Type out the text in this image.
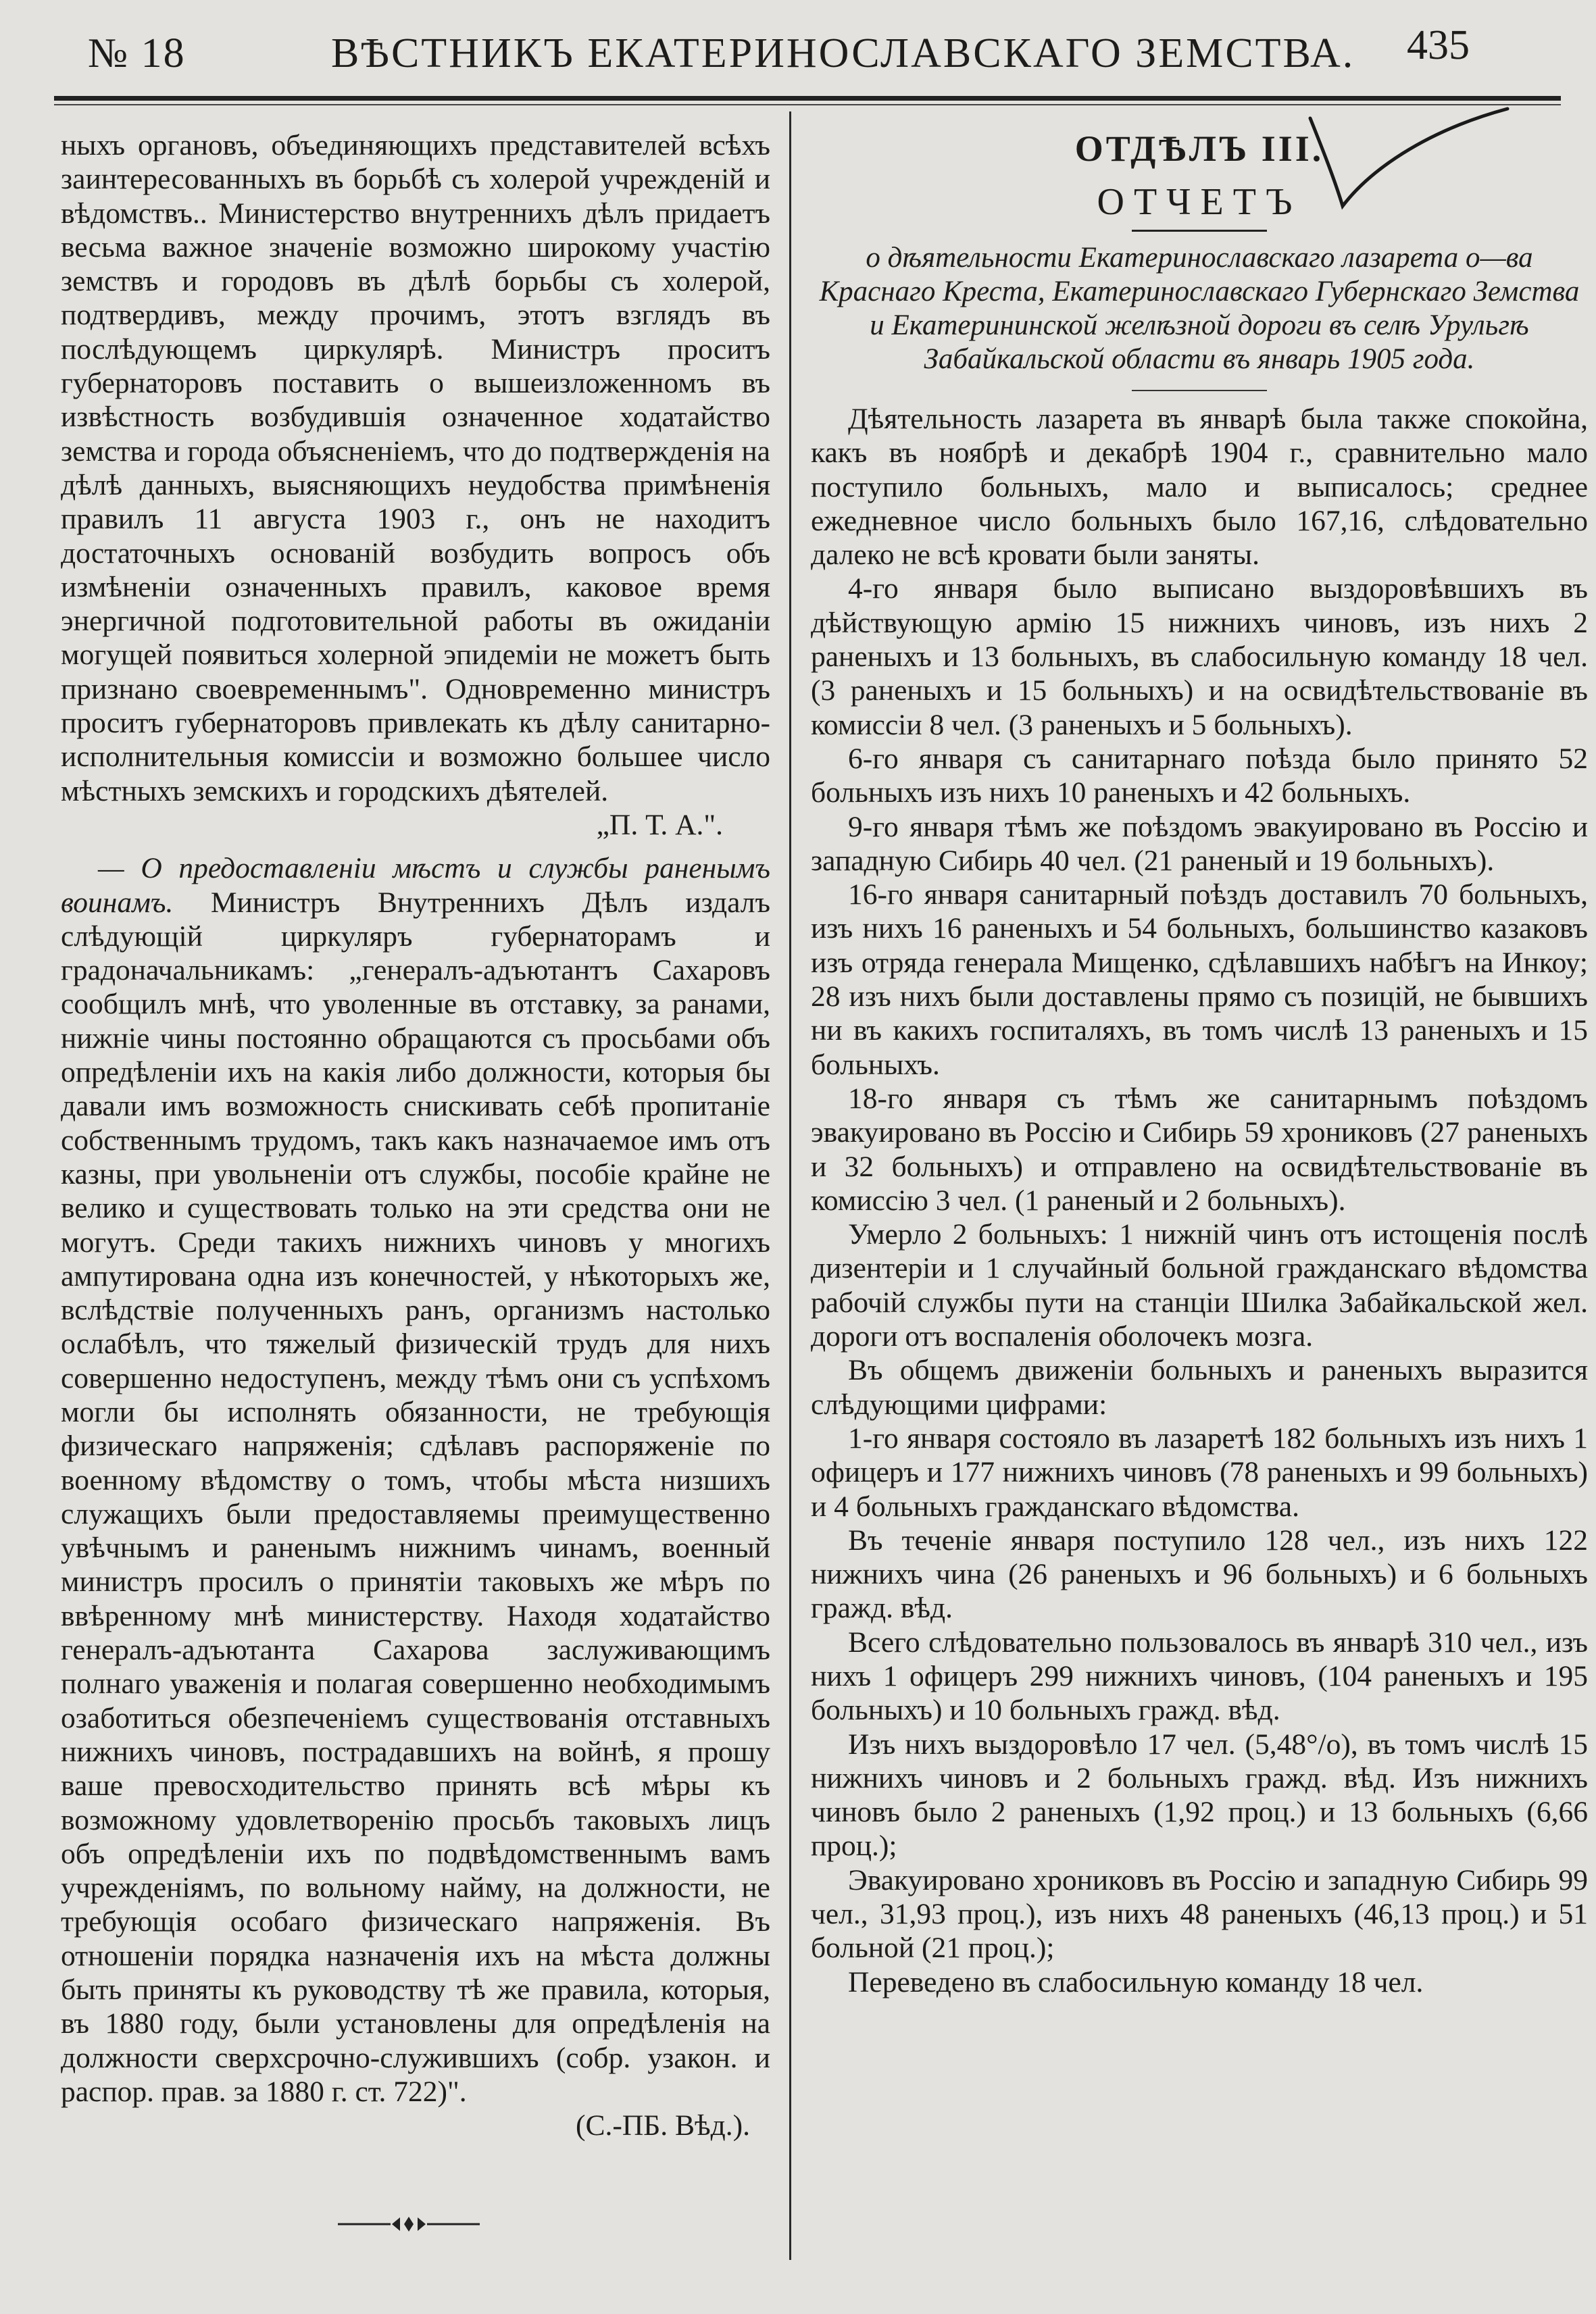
№ 18	ВѢСТНИКЪ ЕКАТЕРИНОСЛАВСКАГО ЗЕМСТВА. 435

ныхъ органовъ, объединяющихъ представителей всѣхъ заинтересованныхъ въ борьбѣ съ холерой учрежденій и вѣдомствъ.. Министерство внутреннихъ дѣлъ придаетъ весьма важное значеніе возможно широкому участію земствъ и городовъ въ дѣлѣ борьбы съ холерой, подтвердивъ, между прочимъ, этотъ взглядъ въ послѣдующемъ циркулярѣ. Министръ проситъ губернаторовъ поставить о вышеизложенномъ въ извѣстность возбудившія означенное ходатайство земства и города объясненіемъ, что до подтвержденія на дѣлѣ данныхъ, выясняющихъ неудобства примѣненія правилъ 11 августа 1903 г., онъ не находитъ достаточныхъ основаній возбудить вопросъ объ измѣненіи означенныхъ правилъ, каковое время энергичной подготовительной работы въ ожиданіи могущей появиться холерной эпидеміи не можетъ быть признано своевременнымъ". Одновременно министръ проситъ губернаторовъ привлекать къ дѣлу санитарно-исполнительныя комиссіи и возможно большее число мѣстныхъ земскихъ и городскихъ дѣятелей.

„П. Т. А.".

— О предоставленіи мѣстъ и службы раненымъ воинамъ. Министръ Внутреннихъ Дѣлъ издалъ слѣдующій циркуляръ губернаторамъ и градоначальникамъ: „генералъ-адъютантъ Сахаровъ сообщилъ мнѣ, что уволенные въ отставку, за ранами, нижніе чины постоянно обращаются съ просьбами объ опредѣленіи ихъ на какія либо должности, которыя бы давали имъ возможность снискивать себѣ пропитаніе собственнымъ трудомъ, такъ какъ назначаемое имъ отъ казны, при увольненіи отъ службы, пособіе крайне не велико и существовать только на эти средства они не могутъ. Среди такихъ нижнихъ чиновъ у многихъ ампутирована одна изъ конечностей, у нѣкоторыхъ же, вслѣдствіе полученныхъ ранъ, организмъ настолько ослабѣлъ, что тяжелый физическій трудъ для нихъ совершенно недоступенъ, между тѣмъ они съ успѣхомъ могли бы исполнять обязанности, не требующія физическаго напряженія; сдѣлавъ распоряженіе по военному вѣдомству о томъ, чтобы мѣста низшихъ служащихъ были предоставляемы преимущественно увѣчнымъ и раненымъ нижнимъ чинамъ, военный министръ просилъ о принятіи таковыхъ же мѣръ по ввѣренному мнѣ министерству. Находя ходатайство генералъ-адъютанта Сахарова заслуживающимъ полнаго уваженія и полагая совершенно необходимымъ озаботиться обезпеченіемъ существованія отставныхъ нижнихъ чиновъ, пострадавшихъ на войнѣ, я прошу ваше превосходительство принять всѣ мѣры къ возможному удовлетворенію просьбъ таковыхъ лицъ объ опредѣленіи ихъ по подвѣдомственнымъ вамъ учрежденіямъ, по вольному найму, на должности, не требующія особаго физическаго напряженія. Въ отношеніи порядка назначенія ихъ на мѣста должны быть приняты къ руководству тѣ же правила, которыя, въ 1880 году, были установлены для опредѣленія на должности сверхсрочно-служившихъ (собр. узакон. и распор. прав. за 1880 г. ст. 722)".

(С.-ПБ. Вѣд.).

ОТДѢЛЪ III.
ОТЧЕТЪ
о дѣятельности Екатеринославскаго лазарета о—ва Краснаго Креста, Екатеринославскаго Губернскаго Земства и Екатерининской желѣзной дороги въ селѣ Урульгѣ Забайкальской области въ январь 1905 года.

Дѣятельность лазарета въ январѣ была также спокойна, какъ въ ноябрѣ и декабрѣ 1904 г., сравнительно мало поступило больныхъ, мало и выписалось; среднее ежедневное число больныхъ было 167,16, слѣдовательно далеко не всѣ кровати были заняты.

4-го января было выписано выздоровѣвшихъ въ дѣйствующую армію 15 нижнихъ чиновъ, изъ нихъ 2 раненыхъ и 13 больныхъ, въ слабосильную команду 18 чел. (3 раненыхъ и 15 больныхъ) и на освидѣтельствованіе въ комиссіи 8 чел. (3 раненыхъ и 5 больныхъ).

6-го января съ санитарнаго поѣзда было принято 52 больныхъ изъ нихъ 10 раненыхъ и 42 больныхъ.

9-го января тѣмъ же поѣздомъ эвакуировано въ Россію и западную Сибирь 40 чел. (21 раненый и 19 больныхъ).

16-го января санитарный поѣздъ доставилъ 70 больныхъ, изъ нихъ 16 раненыхъ и 54 больныхъ, большинство казаковъ изъ отряда генерала Мищенко, сдѣлавшихъ набѣгъ на Инкоу; 28 изъ нихъ были доставлены прямо съ позицій, не бывшихъ ни въ какихъ госпиталяхъ, въ томъ числѣ 13 раненыхъ и 15 больныхъ.

18-го января съ тѣмъ же санитарнымъ поѣздомъ эвакуировано въ Россію и Сибирь 59 хрониковъ (27 раненыхъ и 32 больныхъ) и отправлено на освидѣтельствованіе въ комиссію 3 чел. (1 раненый и 2 больныхъ).

Умерло 2 больныхъ: 1 нижній чинъ отъ истощенія послѣ дизентеріи и 1 случайный больной гражданскаго вѣдомства рабочій службы пути на станціи Шилка Забайкальской жел. дороги отъ воспаленія оболочекъ мозга.

Въ общемъ движеніи больныхъ и раненыхъ выразится слѣдующими цифрами:

1-го января состояло въ лазаретѣ 182 больныхъ изъ нихъ 1 офицеръ и 177 нижнихъ чиновъ (78 раненыхъ и 99 больныхъ) и 4 больныхъ гражданскаго вѣдомства.

Въ теченіе января поступило 128 чел., изъ нихъ 122 нижнихъ чина (26 раненыхъ и 96 больныхъ) и 6 больныхъ гражд. вѣд.

Всего слѣдовательно пользовалось въ январѣ 310 чел., изъ нихъ 1 офицеръ 299 нижнихъ чиновъ, (104 раненыхъ и 195 больныхъ) и 10 больныхъ гражд. вѣд.

Изъ нихъ выздоровѣло 17 чел. (5,48°/о), въ томъ числѣ 15 нижнихъ чиновъ и 2 больныхъ гражд. вѣд. Изъ нижнихъ чиновъ было 2 раненыхъ (1,92 проц.) и 13 больныхъ (6,66 проц.);

Эвакуировано хрониковъ въ Россію и западную Сибирь 99 чел., 31,93 проц.), изъ нихъ 48 раненыхъ (46,13 проц.) и 51 больной (21 проц.);

Переведено въ слабосильную команду 18 чел.
